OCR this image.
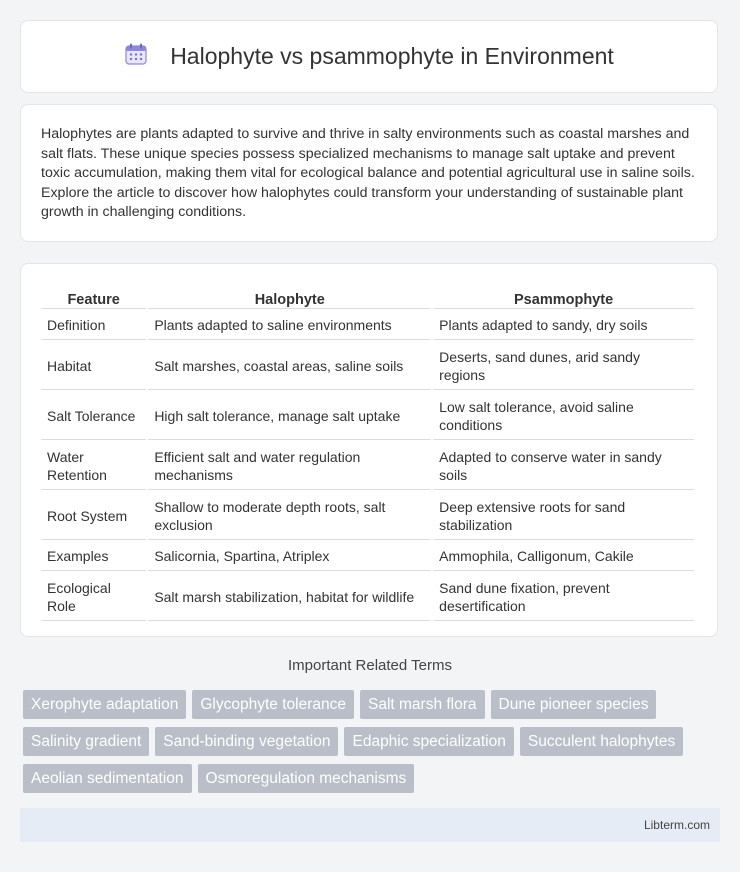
Halophyte vs psammophyte in Environment

Halophytes are plants adapted to survive and thrive in salty environments such as coastal marshes and salt flats. These unique species possess specialized mechanisms to manage salt uptake and prevent toxic accumulation, making them vital for ecological balance and potential agricultural use in saline soils. Explore the article to discover how halophytes could transform your understanding of sustainable plant growth in challenging conditions.

Feature	Halophyte	Psammophyte
Definition	Plants adapted to saline environments	Plants adapted to sandy, dry soils
Habitat	Salt marshes, coastal areas, saline soils	Deserts, sand dunes, arid sandy regions
Salt Tolerance	High salt tolerance, manage salt uptake	Low salt tolerance, avoid saline conditions
Water Retention	Efficient salt and water regulation mechanisms	Adapted to conserve water in sandy soils
Root System	Shallow to moderate depth roots, salt exclusion	Deep extensive roots for sand stabilization
Examples	Salicornia, Spartina, Atriplex	Ammophila, Calligonum, Cakile
Ecological Role	Salt marsh stabilization, habitat for wildlife	Sand dune fixation, prevent desertification
Important Related Terms
Xerophyte adaptation	Glycophyte tolerance	Salt marsh flora	Dune pioneer species
Salinity gradient	Sand-binding vegetation	Edaphic specialization	Succulent halophytes
Aeolian sedimentation	Osmoregulation mechanisms
Libterm.com
